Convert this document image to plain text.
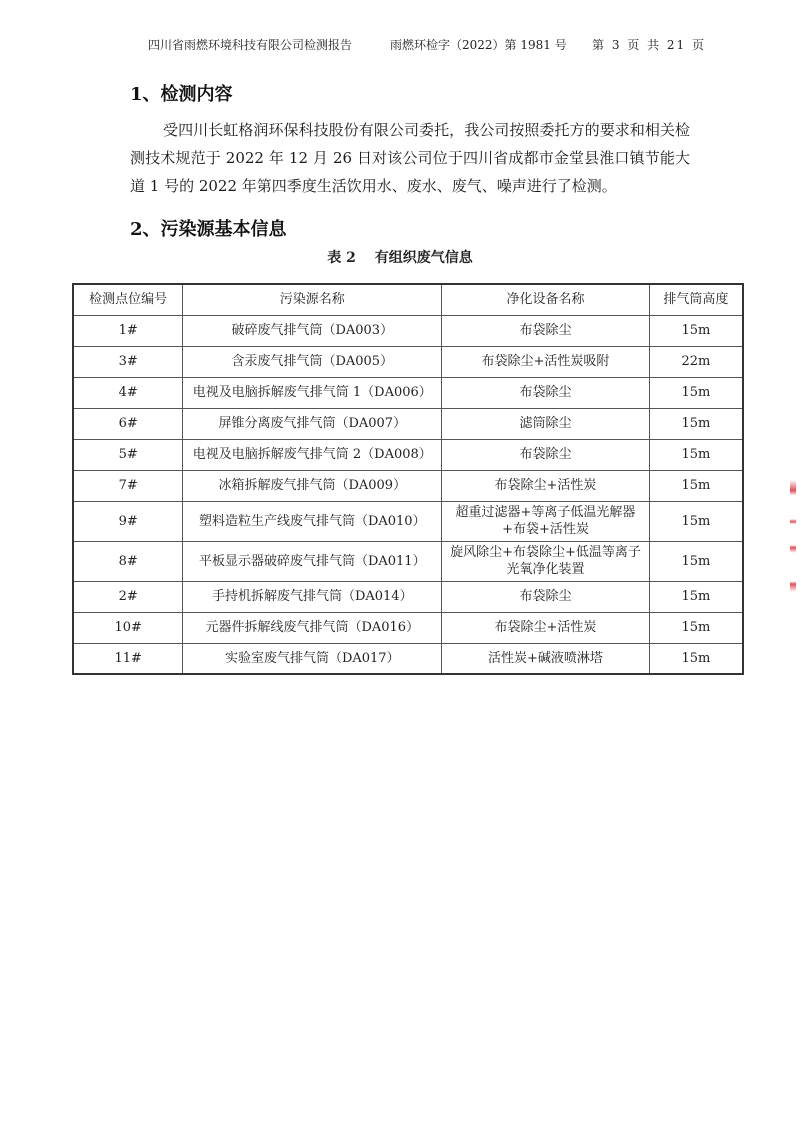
四川省雨燃环境科技有限公司检测报告	雨燃环检字（2022）第 1981 号 第 3 页 共 21 页
1、检测内容
受四川长虹格润环保科技股份有限公司委托，我公司按照委托方的要求和相关检测技术规范于 2022 年 12 月 26 日对该公司位于四川省成都市金堂县淮口镇节能大道 1 号的 2022 年第四季度生活饮用水、废水、废气、噪声进行了检测。
2、污染源基本信息
表 2 有组织废气信息
检测点位编号	污染源名称	净化设备名称	排气筒高度
1#	破碎废气排气筒（DA003）	布袋除尘	15m
3#	含汞废气排气筒（DA005）	布袋除尘+活性炭吸附	22m
4#	电视及电脑拆解废气排气筒 1（DA006）	布袋除尘	15m
6#	屏锥分离废气排气筒（DA007）	滤筒除尘	15m
5#	电视及电脑拆解废气排气筒 2（DA008）	布袋除尘	15m
7#	冰箱拆解废气排气筒（DA009）	布袋除尘+活性炭	15m
9#	塑料造粒生产线废气排气筒（DA010）	超重过滤器+等离子低温光解器+布袋+活性炭	15m
8#	平板显示器破碎废气排气筒（DA011）	旋风除尘+布袋除尘+低温等离子光氧净化装置	15m
2#	手持机拆解废气排气筒（DA014）	布袋除尘	15m
10#	元器件拆解线废气排气筒（DA016）	布袋除尘+活性炭	15m
11#	实验室废气排气筒（DA017）	活性炭+碱液喷淋塔	15m
